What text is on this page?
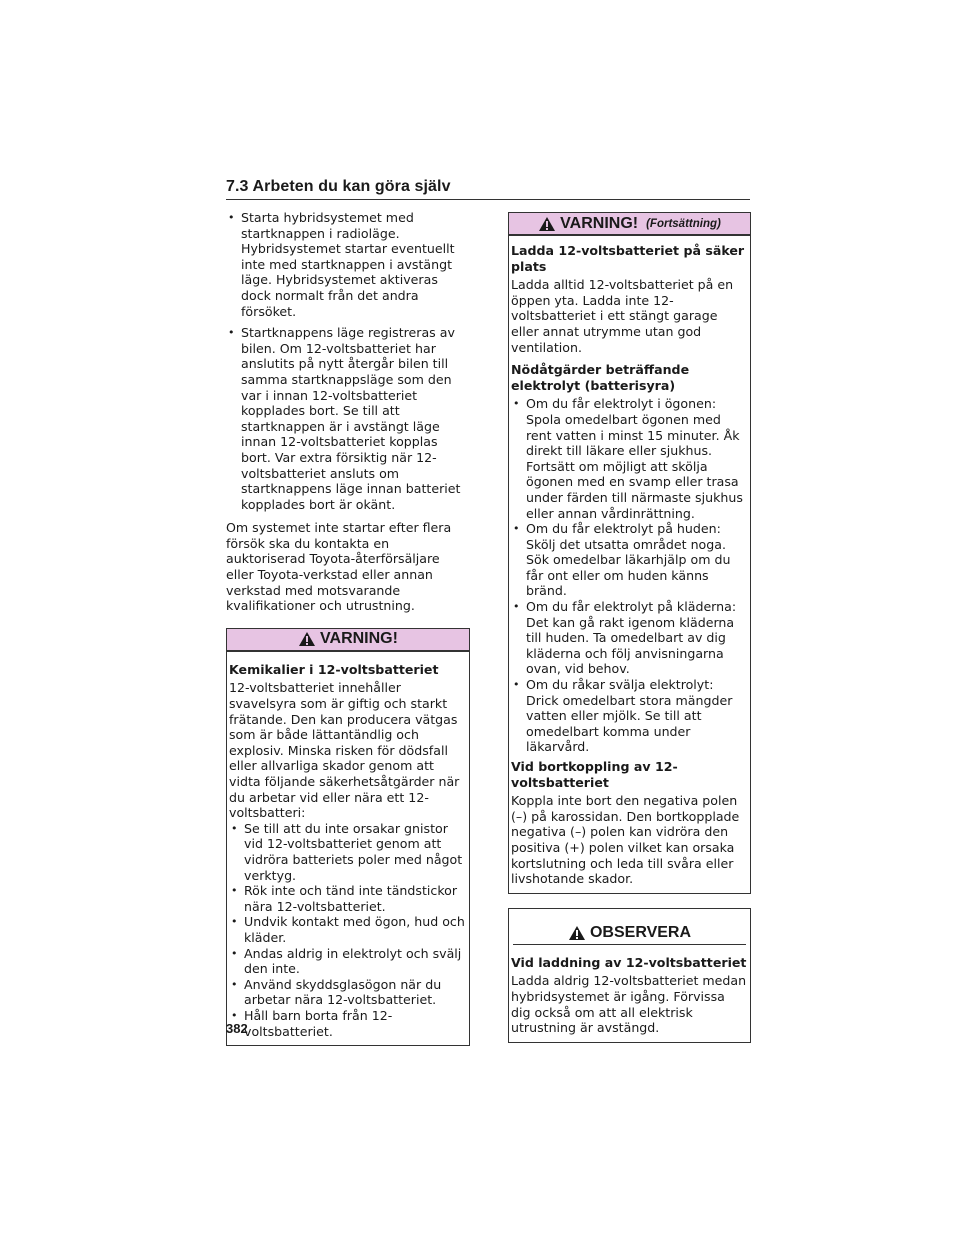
7.3 Arbeten du kan göra själv
• Starta hybridsystemet med startknappen i radioläge. Hybridsystemet startar eventuellt inte med startknappen i avstängt läge. Hybridsystemet aktiveras dock normalt från det andra försöket.
• Startknappens läge registreras av bilen. Om 12-voltsbatteriet har anslutits på nytt återgår bilen till samma startknappsläge som den var i innan 12-voltsbatteriet kopplades bort. Se till att startknappen är i avstängt läge innan 12-voltsbatteriet kopplas bort. Var extra försiktig när 12-voltsbatteriet ansluts om startknappens läge innan batteriet kopplades bort är okänt.

Om systemet inte startar efter flera försök ska du kontakta en auktoriserad Toyota-återförsäljare eller Toyota-verkstad eller annan verkstad med motsvarande kvalifikationer och utrustning.

VARNING!
Kemikalier i 12-voltsbatteriet
12-voltsbatteriet innehåller svavelsyra som är giftig och starkt frätande. Den kan producera vätgas som är både lättantändlig och explosiv. Minska risken för dödsfall eller allvarliga skador genom att vidta följande säkerhetsåtgärder när du arbetar vid eller nära ett 12-voltsbatteri:
• Se till att du inte orsakar gnistor vid 12-voltsbatteriet genom att vidröra batteriets poler med något verktyg.
• Rök inte och tänd inte tändstickor nära 12-voltsbatteriet.
• Undvik kontakt med ögon, hud och kläder.
• Andas aldrig in elektrolyt och svälj den inte.
• Använd skyddsglasögon när du arbetar nära 12-voltsbatteriet.
• Håll barn borta från 12-voltsbatteriet.
VARNING! (Fortsättning)
Ladda 12-voltsbatteriet på säker plats
Ladda alltid 12-voltsbatteriet på en öppen yta. Ladda inte 12-voltsbatteriet i ett stängt garage eller annat utrymme utan god ventilation.
Nödåtgärder beträffande elektrolyt (batterisyra)
• Om du får elektrolyt i ögonen: Spola omedelbart ögonen med rent vatten i minst 15 minuter. Åk direkt till läkare eller sjukhus. Fortsätt om möjligt att skölja ögonen med en svamp eller trasa under färden till närmaste sjukhus eller annan vårdinrättning.
• Om du får elektrolyt på huden: Skölj det utsatta området noga. Sök omedelbar läkarhjälp om du får ont eller om huden känns bränd.
• Om du får elektrolyt på kläderna: Det kan gå rakt igenom kläderna till huden. Ta omedelbart av dig kläderna och följ anvisningarna ovan, vid behov.
• Om du råkar svälja elektrolyt: Drick omedelbart stora mängder vatten eller mjölk. Se till att omedelbart komma under läkarvård.
Vid bortkoppling av 12-voltsbatteriet
Koppla inte bort den negativa polen (–) på karossidan. Den bortkopplade negativa (–) polen kan vidröra den positiva (+) polen vilket kan orsaka kortslutning och leda till svåra eller livshotande skador.
OBSERVERA
Vid laddning av 12-voltsbatteriet
Ladda aldrig 12-voltsbatteriet medan hybridsystemet är igång. Förvissa dig också om att all elektrisk utrustning är avstängd.
382
